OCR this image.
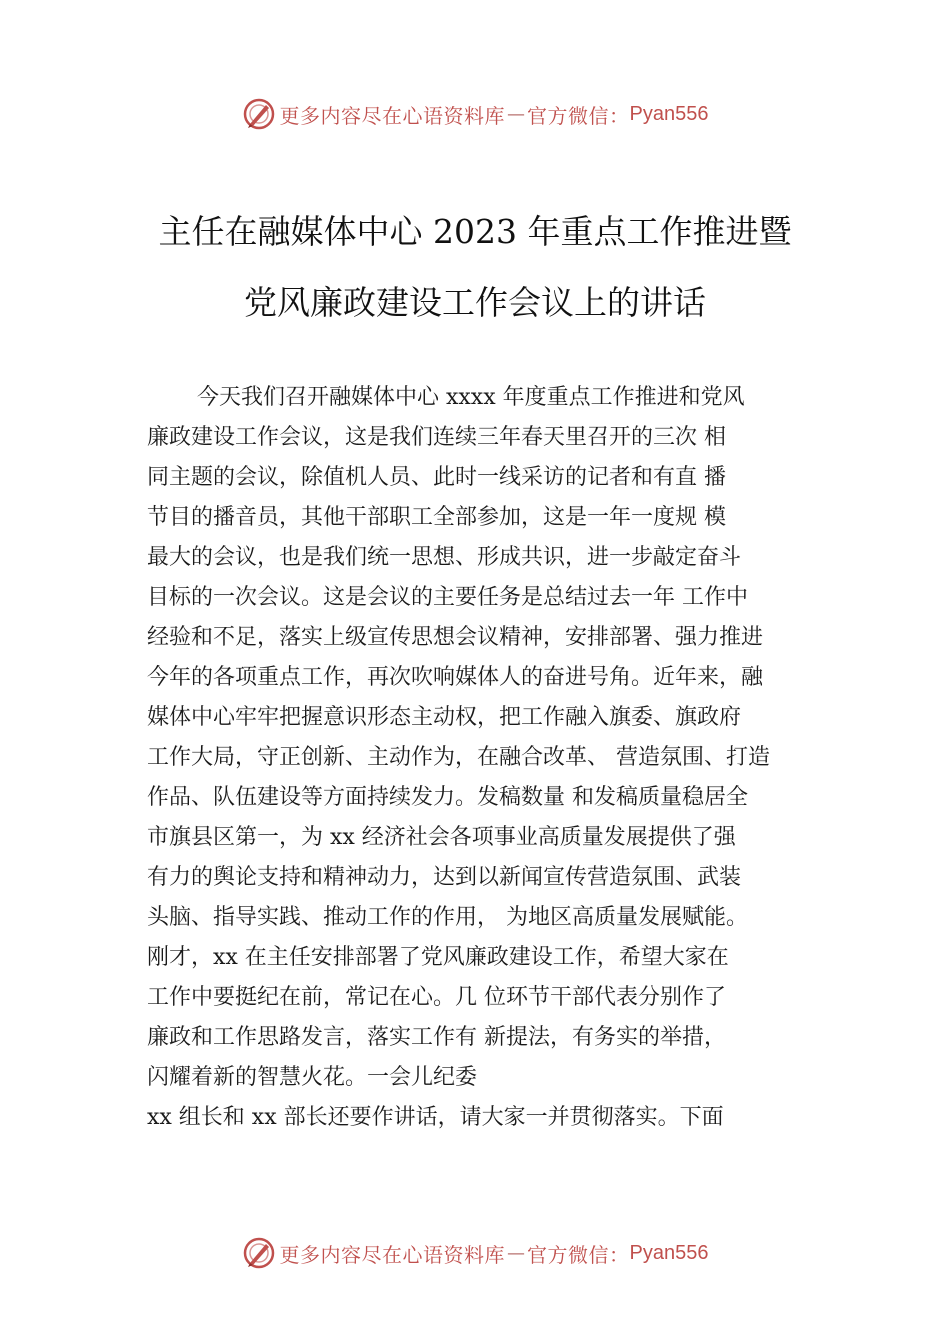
更多内容尽在心语资料库 — 官方微信： Pyan556
主任在融媒体中心 2023 年重点工作推进暨
党风廉政建设工作会议上的讲话
今天我们召开融媒体中心 xxxx 年度重点工作推进和党风
廉政建设工作会议，这是我们连续三年春天里召开的三次 相
同主题的会议，除值机人员、此时一线采访的记者和有直 播
节目的播音员，其他干部职工全部参加，这是一年一度规 模
最大的会议，也是我们统一思想、形成共识，进一步敲定奋斗
目标的一次会议。这是会议的主要任务是总结过去一年 工作中
经验和不足，落实上级宣传思想会议精神，安排部署、强力推进
今年的各项重点工作，再次吹响媒体人的奋进号角。近年来，融
媒体中心牢牢把握意识形态主动权，把工作融入旗委、旗政府
工作大局，守正创新、主动作为，在融合改革、 营造氛围、打造
作品、队伍建设等方面持续发力。发稿数量 和发稿质量稳居全
市旗县区第一，为 xx 经济社会各项事业高质量发展提供了强
有力的舆论支持和精神动力，达到以新闻宣传营造氛围、武装
头脑、指导实践、推动工作的作用， 为地区高质量发展赋能。
刚才，xx 在主任安排部署了党风廉政建设工作，希望大家在
工作中要挺纪在前，常记在心。几 位环节干部代表分别作了
廉政和工作思路发言，落实工作有 新提法，有务实的举措，
闪耀着新的智慧火花。一会儿纪委
xx 组长和 xx 部长还要作讲话，请大家一并贯彻落实。下面
更多内容尽在心语资料库 — 官方微信： Pyan556
